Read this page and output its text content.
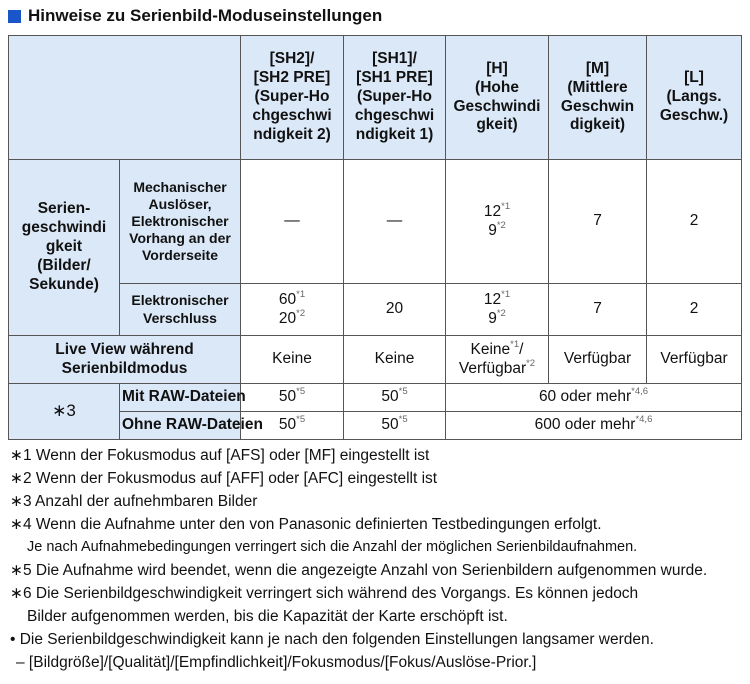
Hinweise zu Serienbild-Moduseinstellungen
		[SH2]/
[SH2 PRE]
(Super-Ho
chgeschwi
ndigkeit 2)	[SH1]/
[SH1 PRE]
(Super-Ho
chgeschwi
ndigkeit 1)	[H]
(Hohe
Geschwindi
gkeit)	[M]
(Mittlere
Geschwin
digkeit)	[L]
(Langs.
Geschw.)
Serien-
geschwindi
gkeit
(Bilder/
Sekunde)	Mechanischer
Auslöser,
Elektronischer
Vorhang an der
Vorderseite	—	—	12$^{*1}$
9$^{*2}$	7	2
	Elektronischer
Verschluss	60$^{*1}$
20$^{*2}$	20	12$^{*1}$
9$^{*2}$	7	2
Live View während
Serienbildmodus		Keine	Keine	Keine$^{*1}$/
Verfügbar$^{*2}$	Verfügbar	Verfügbar
∗3	Mit RAW-Dateien	50$^{*5}$	50$^{*5}$	60 oder mehr$^{*4,6}$
	Ohne RAW-Dateien	50$^{*5}$	50$^{*5}$	600 oder mehr$^{*4,6}$
∗1 Wenn der Fokusmodus auf [AFS] oder [MF] eingestellt ist
∗2 Wenn der Fokusmodus auf [AFF] oder [AFC] eingestellt ist
∗3 Anzahl der aufnehmbaren Bilder
∗4 Wenn die Aufnahme unter den von Panasonic definierten Testbedingungen erfolgt.
Je nach Aufnahmebedingungen verringert sich die Anzahl der möglichen Serienbildaufnahmen.
∗5 Die Aufnahme wird beendet, wenn die angezeigte Anzahl von Serienbildern aufgenommen wurde.
∗6 Die Serienbildgeschwindigkeit verringert sich während des Vorgangs. Es können jedoch
Bilder aufgenommen werden, bis die Kapazität der Karte erschöpft ist.
• Die Serienbildgeschwindigkeit kann je nach den folgenden Einstellungen langsamer werden.
– [Bildgröße]/[Qualität]/[Empfindlichkeit]/Fokusmodus/[Fokus/Auslöse-Prior.]
